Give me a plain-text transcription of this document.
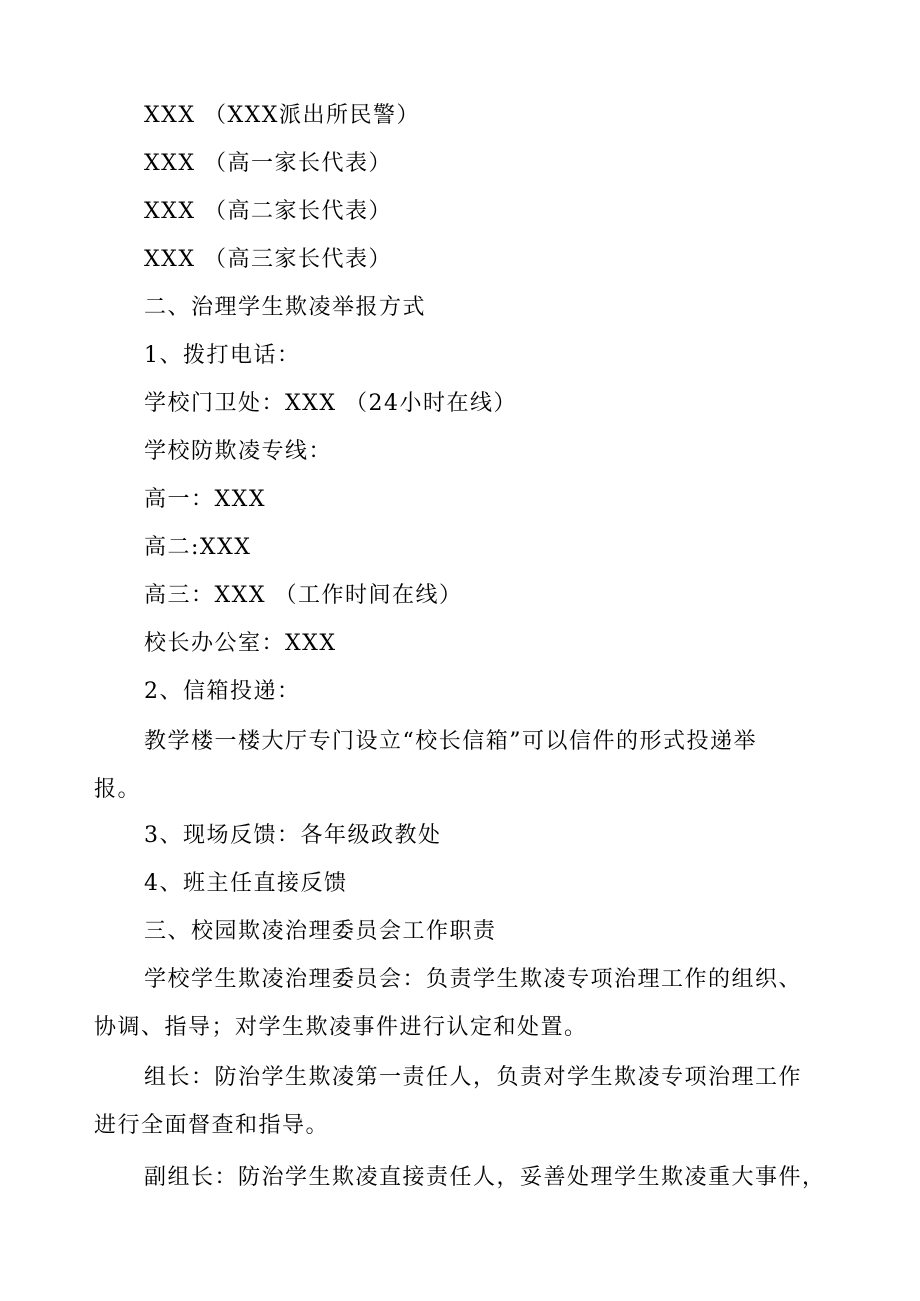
XXX （XXX派出所民警）
XXX （高一家长代表）
XXX （高二家长代表）
XXX （高三家长代表）
二、治理学生欺凌举报方式
1、拨打电话：
学校门卫处：XXX （24小时在线）
学校防欺凌专线：
高一：XXX
高二:XXX
高三：XXX （工作时间在线）
校长办公室：XXX
2、信箱投递：
教学楼一楼大厅专门设立“校长信箱”可以信件的形式投递举
报。
3、现场反馈：各年级政教处
4、班主任直接反馈
三、校园欺凌治理委员会工作职责
学校学生欺凌治理委员会：负责学生欺凌专项治理工作的组织、
协调、指导；对学生欺凌事件进行认定和处置。
组长：防治学生欺凌第一责任人，负责对学生欺凌专项治理工作
进行全面督查和指导。
副组长：防治学生欺凌直接责任人，妥善处理学生欺凌重大事件，
